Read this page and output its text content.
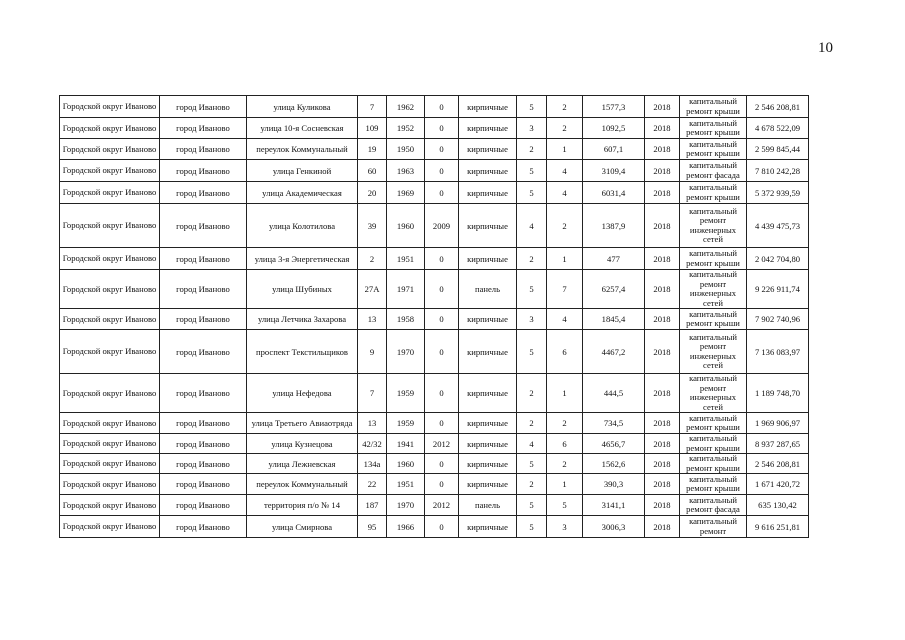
10
Городской округ Иваново	город Иваново	улица Куликова	7	1962	0	кирпичные	5	2	1577,3	2018	капитальный ремонт крыши	2 546 208,81
Городской округ Иваново	город Иваново	улица 10-я Сосневская	109	1952	0	кирпичные	3	2	1092,5	2018	капитальный ремонт крыши	4 678 522,09
Городской округ Иваново	город Иваново	переулок Коммунальный	19	1950	0	кирпичные	2	1	607,1	2018	капитальный ремонт крыши	2 599 845,44
Городской округ Иваново	город Иваново	улица Генкиной	60	1963	0	кирпичные	5	4	3109,4	2018	капитальный ремонт фасада	7 810 242,28
Городской округ Иваново	город Иваново	улица Академическая	20	1969	0	кирпичные	5	4	6031,4	2018	капитальный ремонт крыши	5 372 939,59
Городской округ Иваново	город Иваново	улица Колотилова	39	1960	2009	кирпичные	4	2	1387,9	2018	капитальный ремонт инженерных сетей	4 439 475,73
Городской округ Иваново	город Иваново	улица 3-я Энергетическая	2	1951	0	кирпичные	2	1	477	2018	капитальный ремонт крыши	2 042 704,80
Городской округ Иваново	город Иваново	улица Шубиных	27А	1971	0	панель	5	7	6257,4	2018	капитальный ремонт инженерных сетей	9 226 911,74
Городской округ Иваново	город Иваново	улица Летчика Захарова	13	1958	0	кирпичные	3	4	1845,4	2018	капитальный ремонт крыши	7 902 740,96
Городской округ Иваново	город Иваново	проспект Текстильщиков	9	1970	0	кирпичные	5	6	4467,2	2018	капитальный ремонт инженерных сетей	7 136 083,97
Городской округ Иваново	город Иваново	улица Нефедова	7	1959	0	кирпичные	2	1	444,5	2018	капитальный ремонт инженерных сетей	1 189 748,70
Городской округ Иваново	город Иваново	улица Третьего Авиаотряда	13	1959	0	кирпичные	2	2	734,5	2018	капитальный ремонт крыши	1 969 906,97
Городской округ Иваново	город Иваново	улица Кузнецова	42/32	1941	2012	кирпичные	4	6	4656,7	2018	капитальный ремонт крыши	8 937 287,65
Городской округ Иваново	город Иваново	улица Лежневская	134а	1960	0	кирпичные	5	2	1562,6	2018	капитальный ремонт крыши	2 546 208,81
Городской округ Иваново	город Иваново	переулок Коммунальный	22	1951	0	кирпичные	2	1	390,3	2018	капитальный ремонт крыши	1 671 420,72
Городской округ Иваново	город Иваново	территория п/о № 14	187	1970	2012	панель	5	5	3141,1	2018	капитальный ремонт фасада	635 130,42
Городской округ Иваново	город Иваново	улица Смирнова	95	1966	0	кирпичные	5	3	3006,3	2018	капитальный ремонт	9 616 251,81
